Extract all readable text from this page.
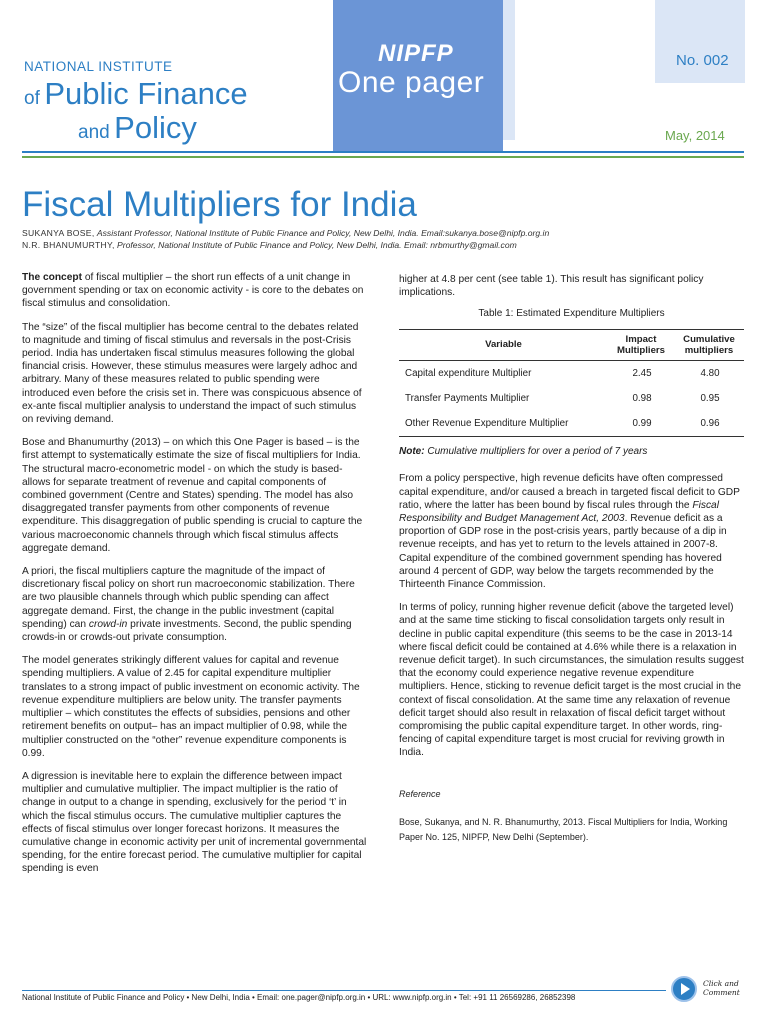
NATIONAL INSTITUTE
of Public Finance
and Policy
NIPFP
One pager
No. 002
May, 2014
Fiscal Multipliers for India
SUKANYA BOSE, Assistant Professor, National Institute of Public Finance and Policy, New Delhi, India. Email:sukanya.bose@nipfp.org.in
N.R. BHANUMURTHY, Professor, National Institute of Public Finance and Policy, New Delhi, India. Email: nrbmurthy@gmail.com

The concept of fiscal multiplier – the short run effects of a unit change in government spending or tax on economic activity - is core to the debates on fiscal stimulus and consolidation.

The “size” of the fiscal multiplier has become central to the debates related to magnitude and timing of fiscal stimulus and reversals in the post-Crisis period. India has undertaken fiscal stimulus measures following the global financial crisis. However, these stimulus measures were largely adhoc and arbitrary. Many of these measures related to public spending were introduced even before the crisis set in. There was conspicuous absence of ex-ante fiscal multiplier analysis to understand the impact of such stimulus on reviving demand.

Bose and Bhanumurthy (2013) – on which this One Pager is based – is the first attempt to systematically estimate the size of fiscal multipliers for India. The structural macro-econometric model - on which the study is based- allows for separate treatment of revenue and capital components of combined government (Centre and States) spending. The model has also disaggregated transfer payments from other components of revenue expenditure. This disaggregation of public spending is crucial to capture the various macroeconomic channels through which fiscal stimulus affects aggregate demand.

A priori, the fiscal multipliers capture the magnitude of the impact of discretionary fiscal policy on short run macroeconomic stabilization. There are two plausible channels through which public spending can affect aggregate demand. First, the change in the public investment (capital spending) can crowd-in private investments. Second, the public spending crowds-in or crowds-out private consumption.

The model generates strikingly different values for capital and revenue spending multipliers. A value of 2.45 for capital expenditure multiplier translates to a strong impact of public investment on economic activity. The revenue expenditure multipliers are below unity. The transfer payments multiplier – which constitutes the effects of subsidies, pensions and other retirement benefits on output– has an impact multiplier of 0.98, while the multiplier constructed on the “other” revenue expenditure components is 0.99.

A digression is inevitable here to explain the difference between impact multiplier and cumulative multiplier. The impact multiplier is the ratio of change in output to a change in spending, exclusively for the period ‘t’ in which the fiscal stimulus occurs. The cumulative multiplier captures the effects of fiscal stimulus over longer forecast horizons. It measures the cumulative change in economic activity per unit of incremental governmental spending, for the entire forecast period. The cumulative multiplier for capital spending is even

higher at 4.8 per cent (see table 1). This result has significant policy implications.

Table 1: Estimated Expenditure Multipliers
Variable	Impact Multipliers	Cumulative multipliers
Capital expenditure Multiplier	2.45	4.80
Transfer Payments Multiplier	0.98	0.95
Other Revenue Expenditure Multiplier	0.99	0.96
Note: Cumulative multipliers for over a period of 7 years

From a policy perspective, high revenue deficits have often compressed capital expenditure, and/or caused a breach in targeted fiscal deficit to GDP ratio, where the latter has been bound by fiscal rules through the Fiscal Responsibility and Budget Management Act, 2003. Revenue deficit as a proportion of GDP rose in the post-crisis years, partly because of a dip in revenue receipts, and has yet to return to the levels attained in 2007-8. Capital expenditure of the combined government spending has hovered around 4 percent of GDP, way below the targets recommended by the Thirteenth Finance Commission.

In terms of policy, running higher revenue deficit (above the targeted level) and at the same time sticking to fiscal consolidation targets only result in decline in public capital expenditure (this seems to be the case in 2013-14 where fiscal deficit could be contained at 4.6% while there is a relaxation in revenue deficit target). In such circumstances, the simulation results suggest that the economy could experience negative revenue expenditure multipliers. Hence, sticking to revenue deficit target is the most crucial in the context of fiscal consolidation. At the same time any relaxation of revenue deficit target should also result in relaxation of fiscal deficit target without compromising the public capital expenditure target. In other words, ring-fencing of capital expenditure target is most crucial for reviving growth in India.

Reference
Bose, Sukanya, and N. R. Bhanumurthy, 2013. Fiscal Multipliers for India, Working Paper No. 125, NIPFP, New Delhi (September).
National Institute of Public Finance and Policy • New Delhi, India • Email: one.pager@nipfp.org.in • URL: www.nipfp.org.in • Tel: +91 11 26569286, 26852398
Click and
Comment
